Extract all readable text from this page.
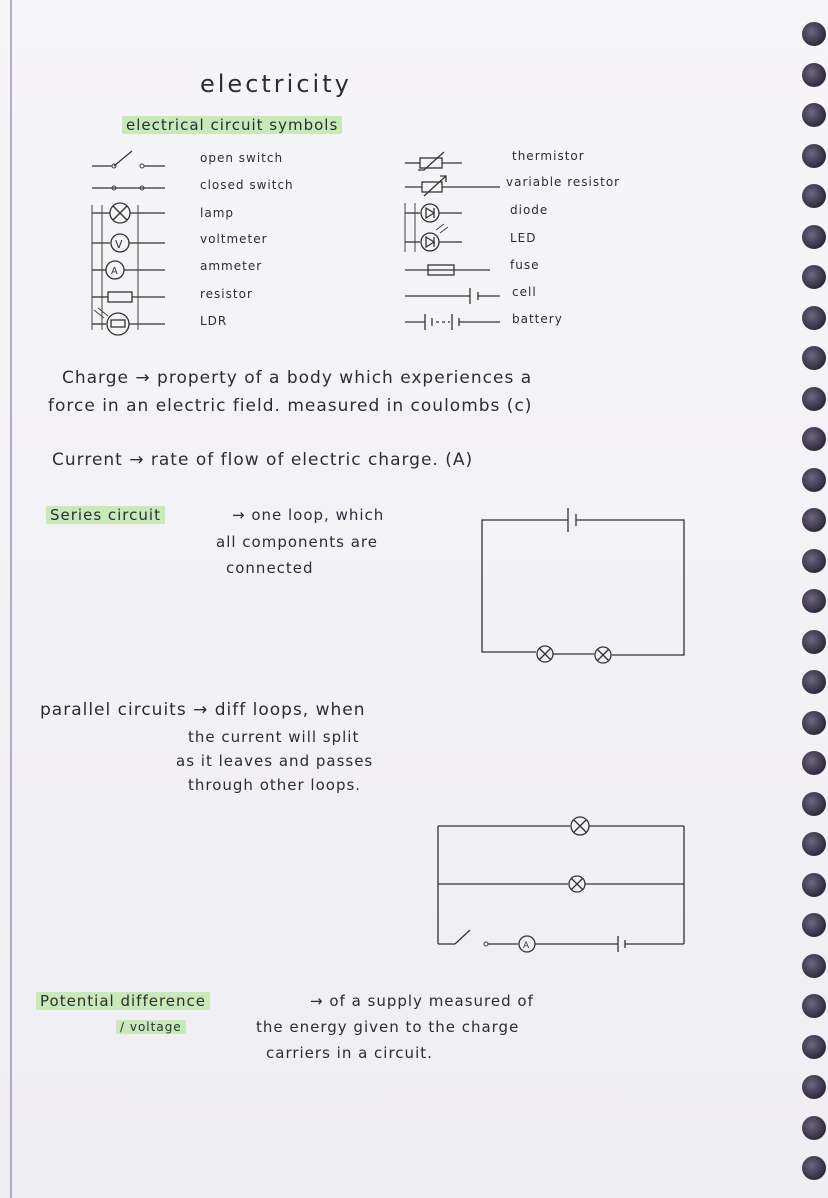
electricity
electrical circuit symbols
open switch
closed switch
lamp
voltmeter
ammeter
resistor
LDR
thermistor
variable resistor
diode
LED
fuse
cell
battery
V
A
A
Charge → property of a body which experiences a
force in an electric field. measured in coulombs (c)
Current → rate of flow of electric charge. (A)
Series circuit	→ one loop, which
all components are
connected
parallel circuits → diff loops, when
the current will split
as it leaves and passes
through other loops.
Potential difference	→ of a supply measured of
/ voltage	the energy given to the charge
carriers in a circuit.
